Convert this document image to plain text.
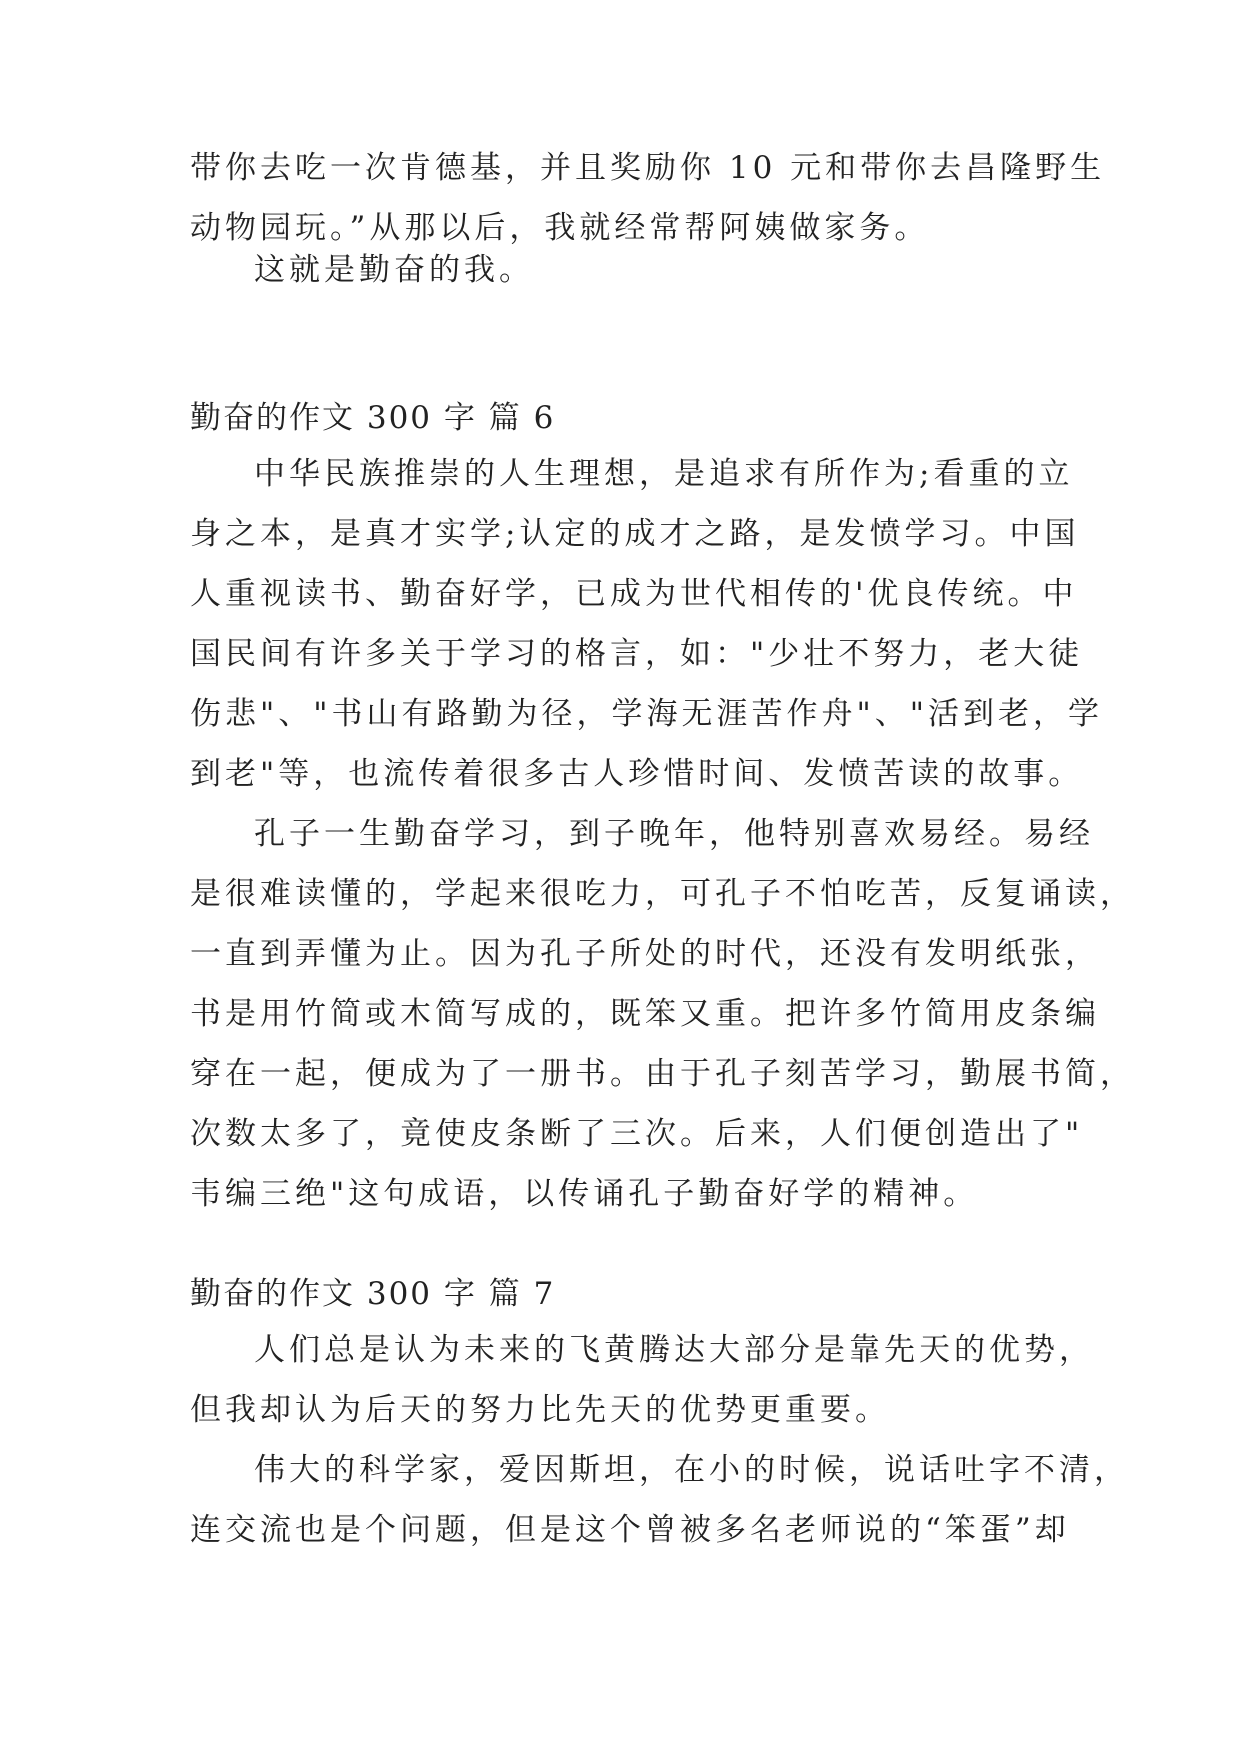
带你去吃一次肯德基，并且奖励你 10 元和带你去昌隆野生
动物园玩。”从那以后，我就经常帮阿姨做家务。
这就是勤奋的我。
勤奋的作文 300 字 篇 6
中华民族推崇的人生理想，是追求有所作为;看重的立
身之本，是真才实学;认定的成才之路，是发愤学习。中国
人重视读书、勤奋好学，已成为世代相传的'优良传统。中
国民间有许多关于学习的格言，如："少壮不努力，老大徒
伤悲"、"书山有路勤为径，学海无涯苦作舟"、"活到老，学
到老"等，也流传着很多古人珍惜时间、发愤苦读的故事。
孔子一生勤奋学习，到子晚年，他特别喜欢易经。易经
是很难读懂的，学起来很吃力，可孔子不怕吃苦，反复诵读，
一直到弄懂为止。因为孔子所处的时代，还没有发明纸张，
书是用竹简或木简写成的，既笨又重。把许多竹简用皮条编
穿在一起，便成为了一册书。由于孔子刻苦学习，勤展书简，
次数太多了，竟使皮条断了三次。后来，人们便创造出了"
韦编三绝"这句成语，以传诵孔子勤奋好学的精神。
勤奋的作文 300 字 篇 7
人们总是认为未来的飞黄腾达大部分是靠先天的优势，
但我却认为后天的努力比先天的优势更重要。
伟大的科学家，爱因斯坦，在小的时候，说话吐字不清，
连交流也是个问题，但是这个曾被多名老师说的“笨蛋”却
